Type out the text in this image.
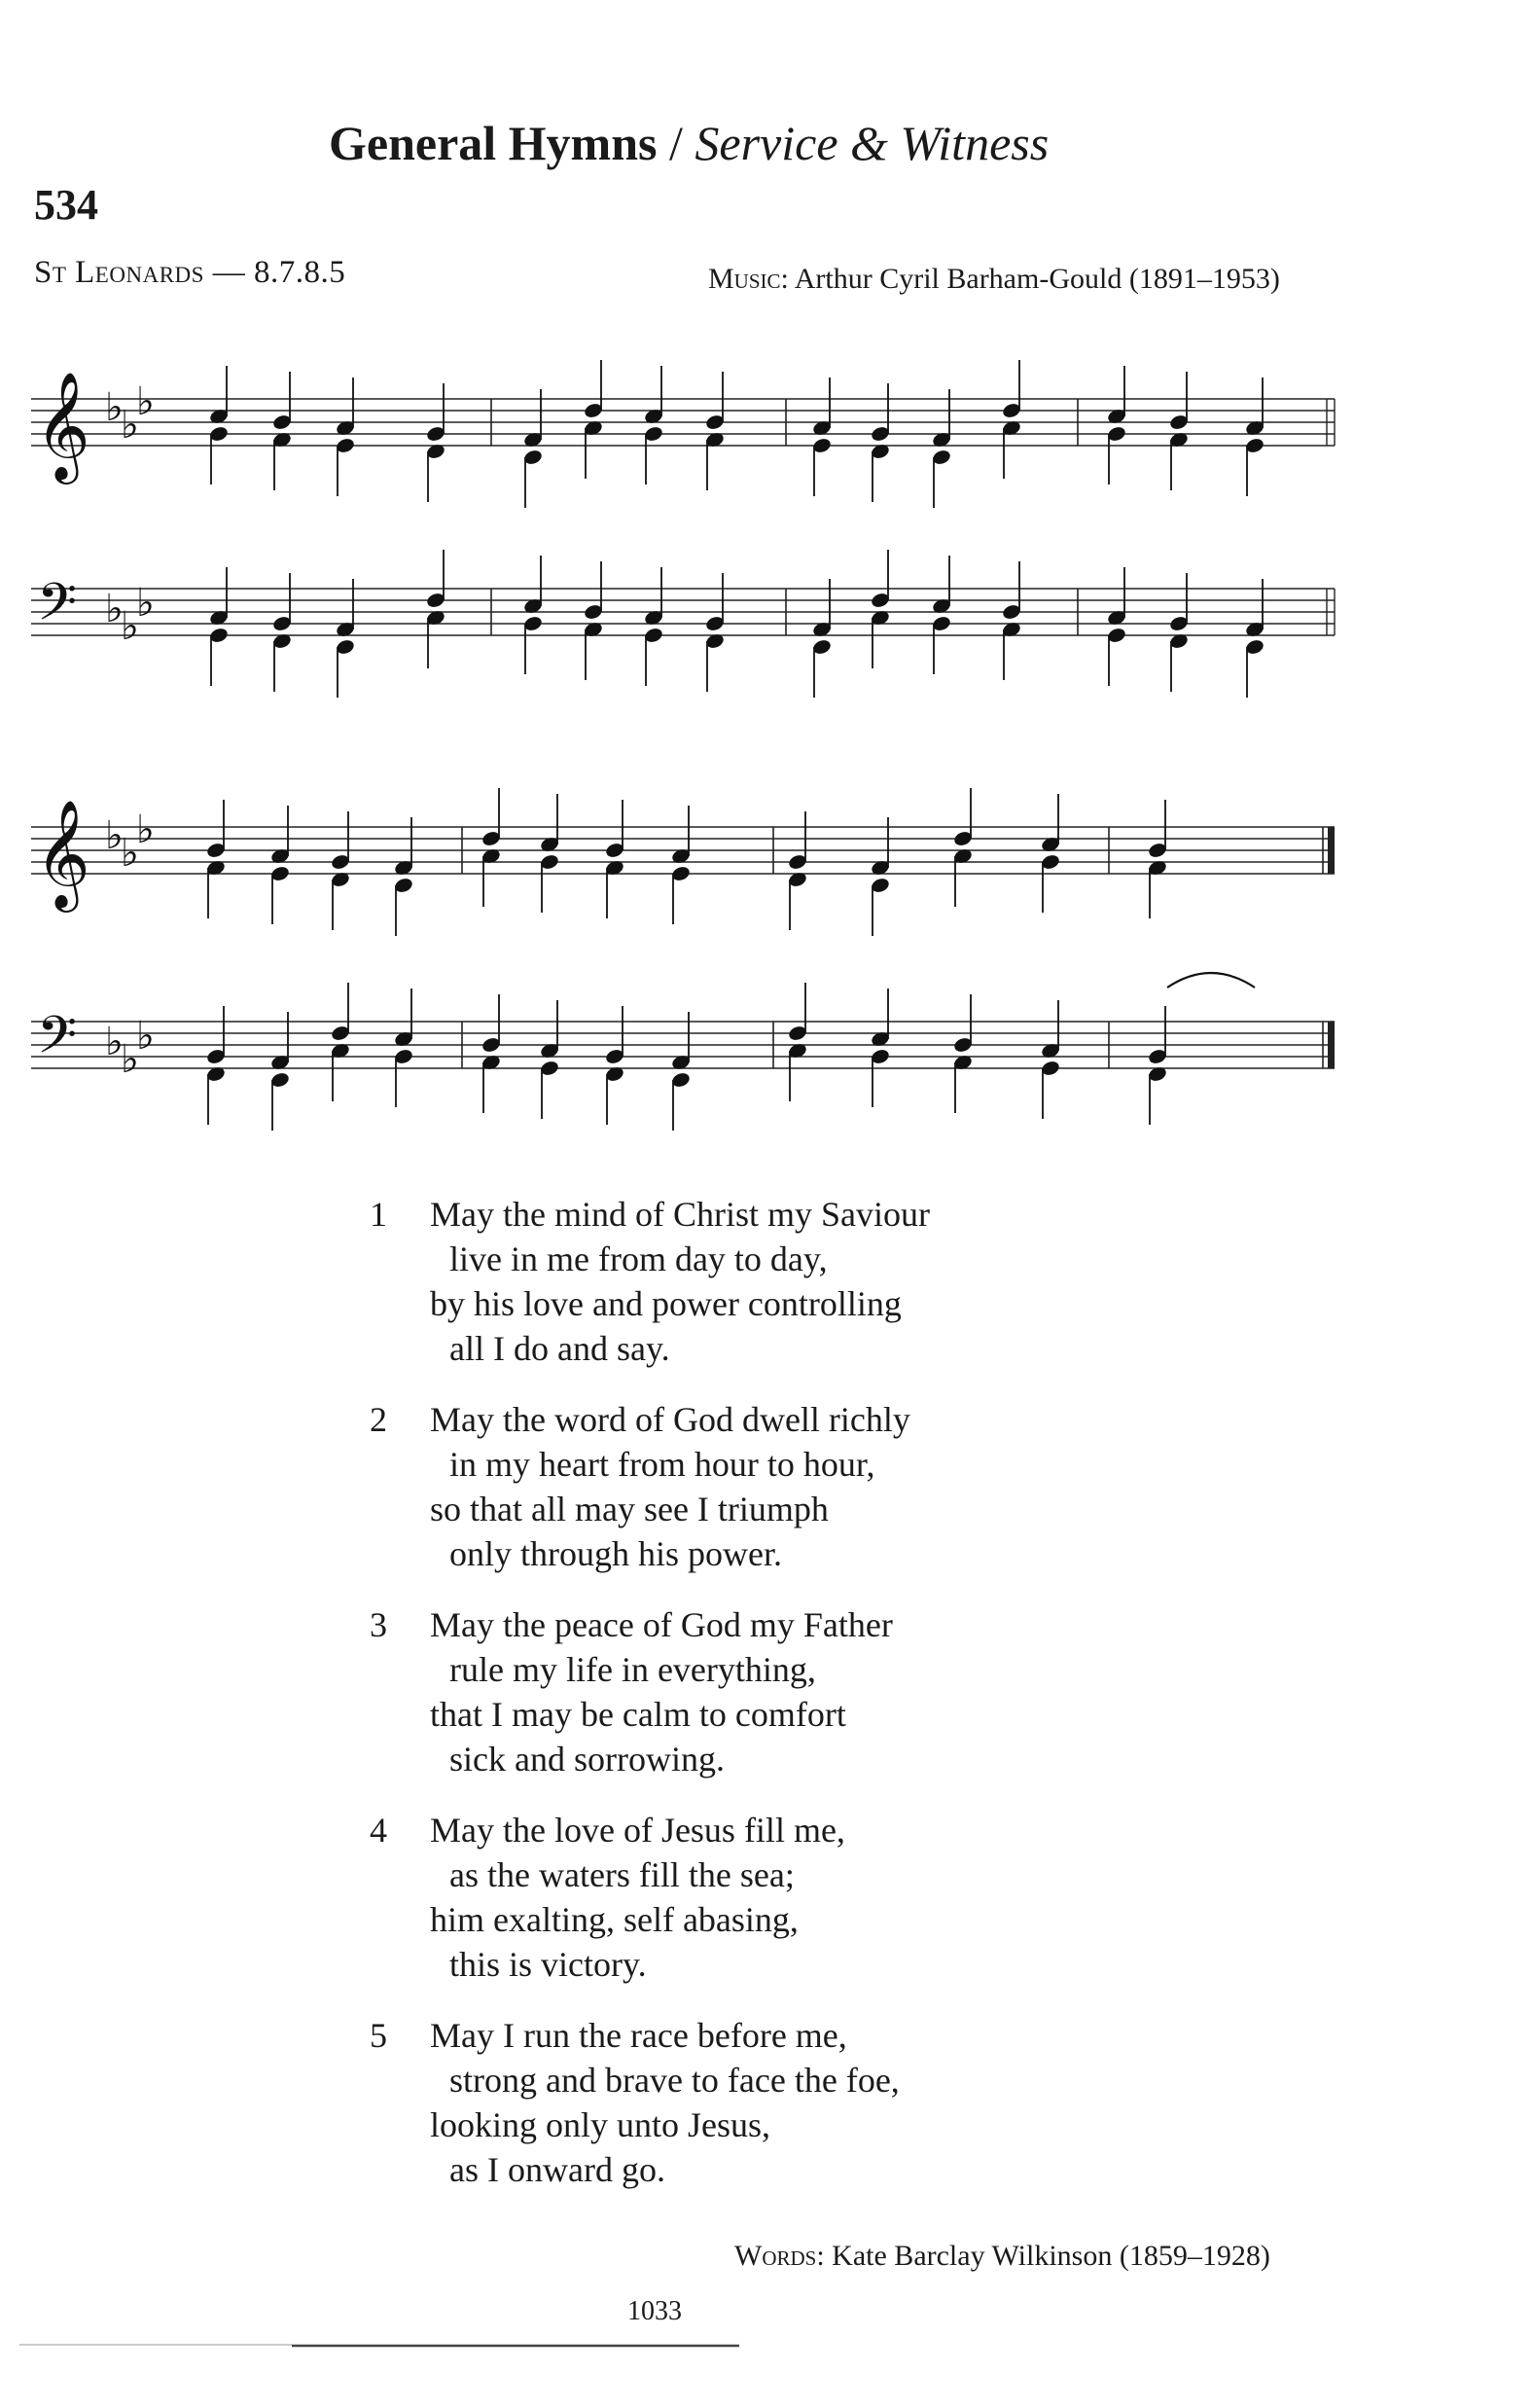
General Hymns / Service & Witness
534
St Leonards — 8.7.8.5	Music: Arthur Cyril Barham-Gould (1891–1953)
𝄞 ♭
♭
♭
𝄢 ♭
♭
♭
𝄞 ♭
♭
♭
𝄢 ♭
♭
♭
1	May the mind of Christ my Saviour
live in me from day to day,
by his love and power controlling
all I do and say.
2	May the word of God dwell richly
in my heart from hour to hour,
so that all may see I triumph
only through his power.
3	May the peace of God my Father
rule my life in everything,
that I may be calm to comfort
sick and sorrowing.
4	May the love of Jesus fill me,
as the waters fill the sea;
him exalting, self abasing,
this is victory.
5	May I run the race before me,
strong and brave to face the foe,
looking only unto Jesus,
as I onward go.
Words: Kate Barclay Wilkinson (1859–1928)
1033
